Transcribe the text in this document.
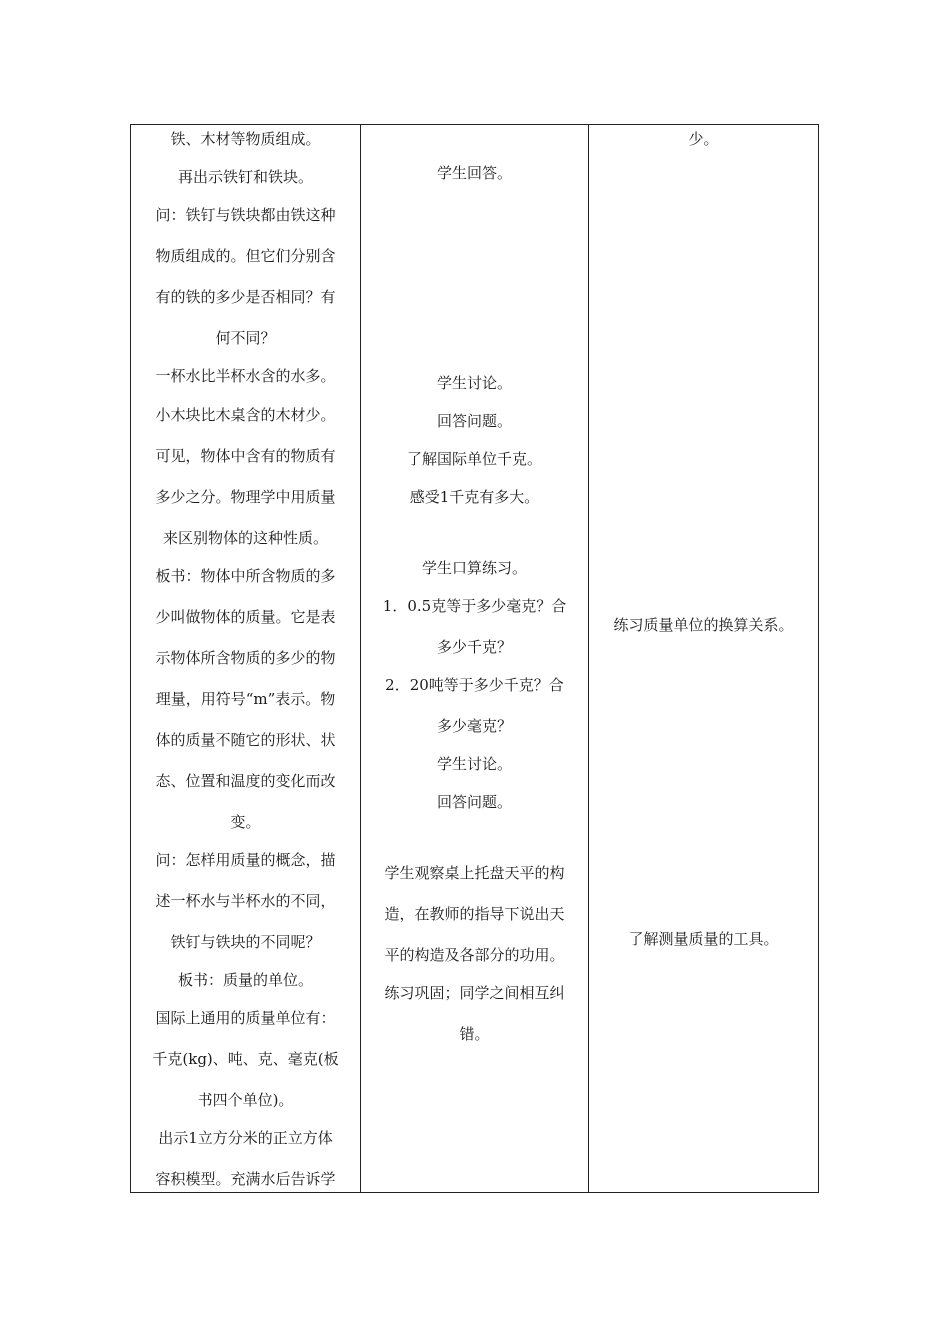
铁、木材等物质组成。
再出示铁钉和铁块。
问：铁钉与铁块都由铁这种
物质组成的。但它们分别含
有的铁的多少是否相同？有
何不同？
一杯水比半杯水含的水多。
小木块比木桌含的木材少。
可见，物体中含有的物质有
多少之分。物理学中用质量
来区别物体的这种性质。
板书：物体中所含物质的多
少叫做物体的质量。它是表
示物体所含物质的多少的物
理量，用符号“m”表示。物
体的质量不随它的形状、状
态、位置和温度的变化而改
变。
问：怎样用质量的概念，描
述一杯水与半杯水的不同，
铁钉与铁块的不同呢？
板书：质量的单位。
国际上通用的质量单位有：
千克(kg)、吨、克、毫克(板
书四个单位)。
出示1立方分米的正立方体
容积模型。充满水后告诉学
学生回答。
学生讨论。
回答问题。
了解国际单位千克。
感受1千克有多大。
学生口算练习。
1．0.5克等于多少毫克？合
多少千克？
2．20吨等于多少千克？合
多少毫克？
学生讨论。
回答问题。
学生观察桌上托盘天平的构
造，在教师的指导下说出天
平的构造及各部分的功用。
练习巩固；同学之间相互纠
错。
少。
练习质量单位的换算关系。
了解测量质量的工具。
